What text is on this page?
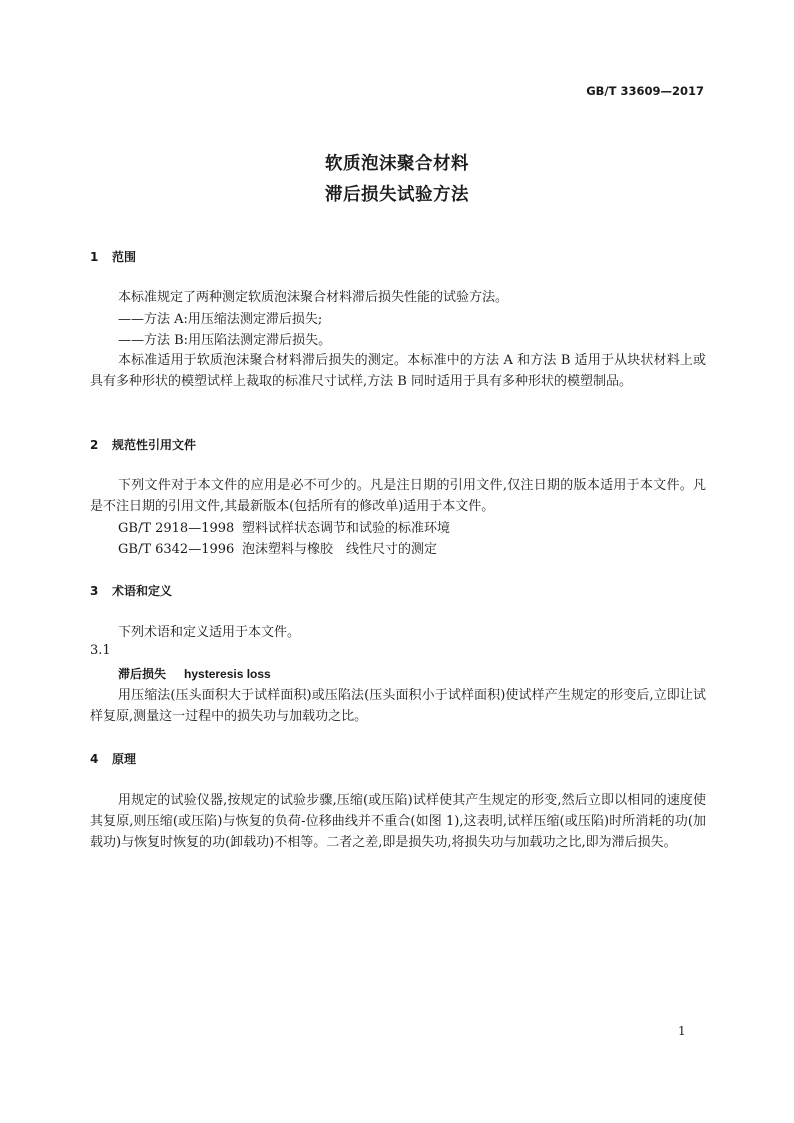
GB/T 33609—2017
软质泡沫聚合材料
滞后损失试验方法
1 范围
本标准规定了两种测定软质泡沫聚合材料滞后损失性能的试验方法。
——方法 A:用压缩法测定滞后损失;
——方法 B:用压陷法测定滞后损失。
本标准适用于软质泡沫聚合材料滞后损失的测定。本标准中的方法 A 和方法 B 适用于从块状材料上或具有多种形状的模塑试样上裁取的标准尺寸试样,方法 B 同时适用于具有多种形状的模塑制品。
2 规范性引用文件
下列文件对于本文件的应用是必不可少的。凡是注日期的引用文件,仅注日期的版本适用于本文件。凡是不注日期的引用文件,其最新版本(包括所有的修改单)适用于本文件。
GB/T 2918—1998 塑料试样状态调节和试验的标准环境
GB/T 6342—1996 泡沫塑料与橡胶　线性尺寸的测定
3 术语和定义
下列术语和定义适用于本文件。
3.1
滞后损失 hysteresis loss
用压缩法(压头面积大于试样面积)或压陷法(压头面积小于试样面积)使试样产生规定的形变后,立即让试样复原,测量这一过程中的损失功与加载功之比。
4 原理
用规定的试验仪器,按规定的试验步骤,压缩(或压陷)试样使其产生规定的形变,然后立即以相同的速度使其复原,则压缩(或压陷)与恢复的负荷-位移曲线并不重合(如图 1),这表明,试样压缩(或压陷)时所消耗的功(加载功)与恢复时恢复的功(卸载功)不相等。二者之差,即是损失功,将损失功与加载功之比,即为滞后损失。
1
